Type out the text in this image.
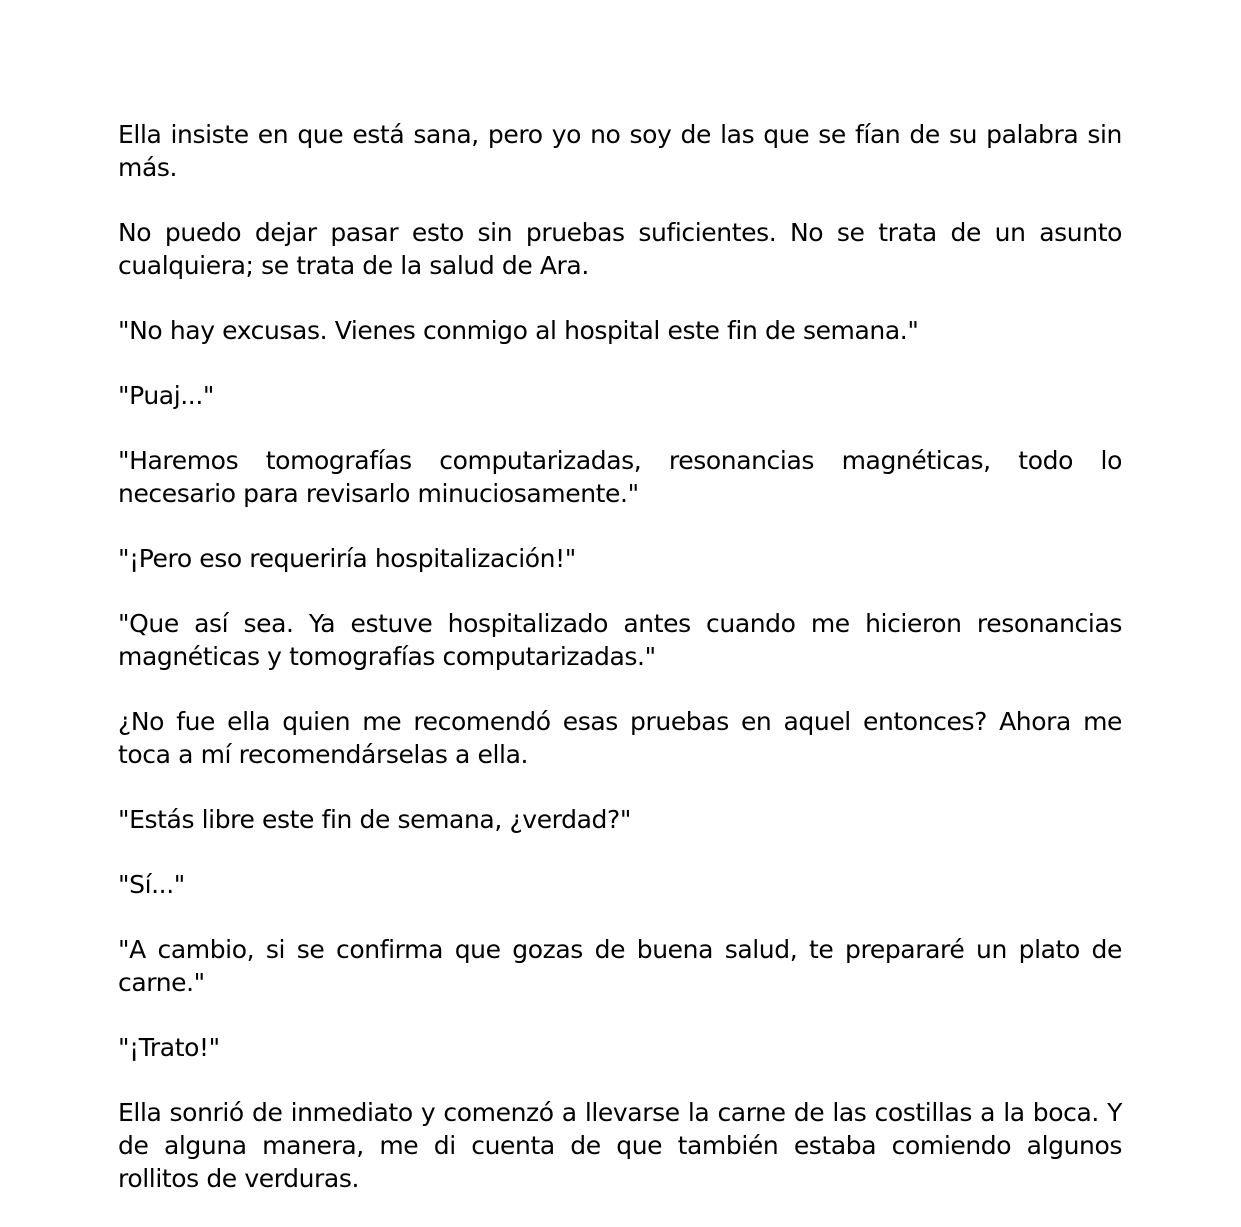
Ella insiste en que está sana, pero yo no soy de las que se fían de su palabra sin más.

No puedo dejar pasar esto sin pruebas suficientes. No se trata de un asunto cualquiera; se trata de la salud de Ara.

"No hay excusas. Vienes conmigo al hospital este fin de semana."

"Puaj..."

"Haremos tomografías computarizadas, resonancias magnéticas, todo lo necesario para revisarlo minuciosamente."

"¡Pero eso requeriría hospitalización!"

"Que así sea. Ya estuve hospitalizado antes cuando me hicieron resonancias magnéticas y tomografías computarizadas."

¿No fue ella quien me recomendó esas pruebas en aquel entonces? Ahora me toca a mí recomendárselas a ella.

"Estás libre este fin de semana, ¿verdad?"

"Sí..."

"A cambio, si se confirma que gozas de buena salud, te prepararé un plato de carne."

"¡Trato!"

Ella sonrió de inmediato y comenzó a llevarse la carne de las costillas a la boca. Y de alguna manera, me di cuenta de que también estaba comiendo algunos rollitos de verduras.
